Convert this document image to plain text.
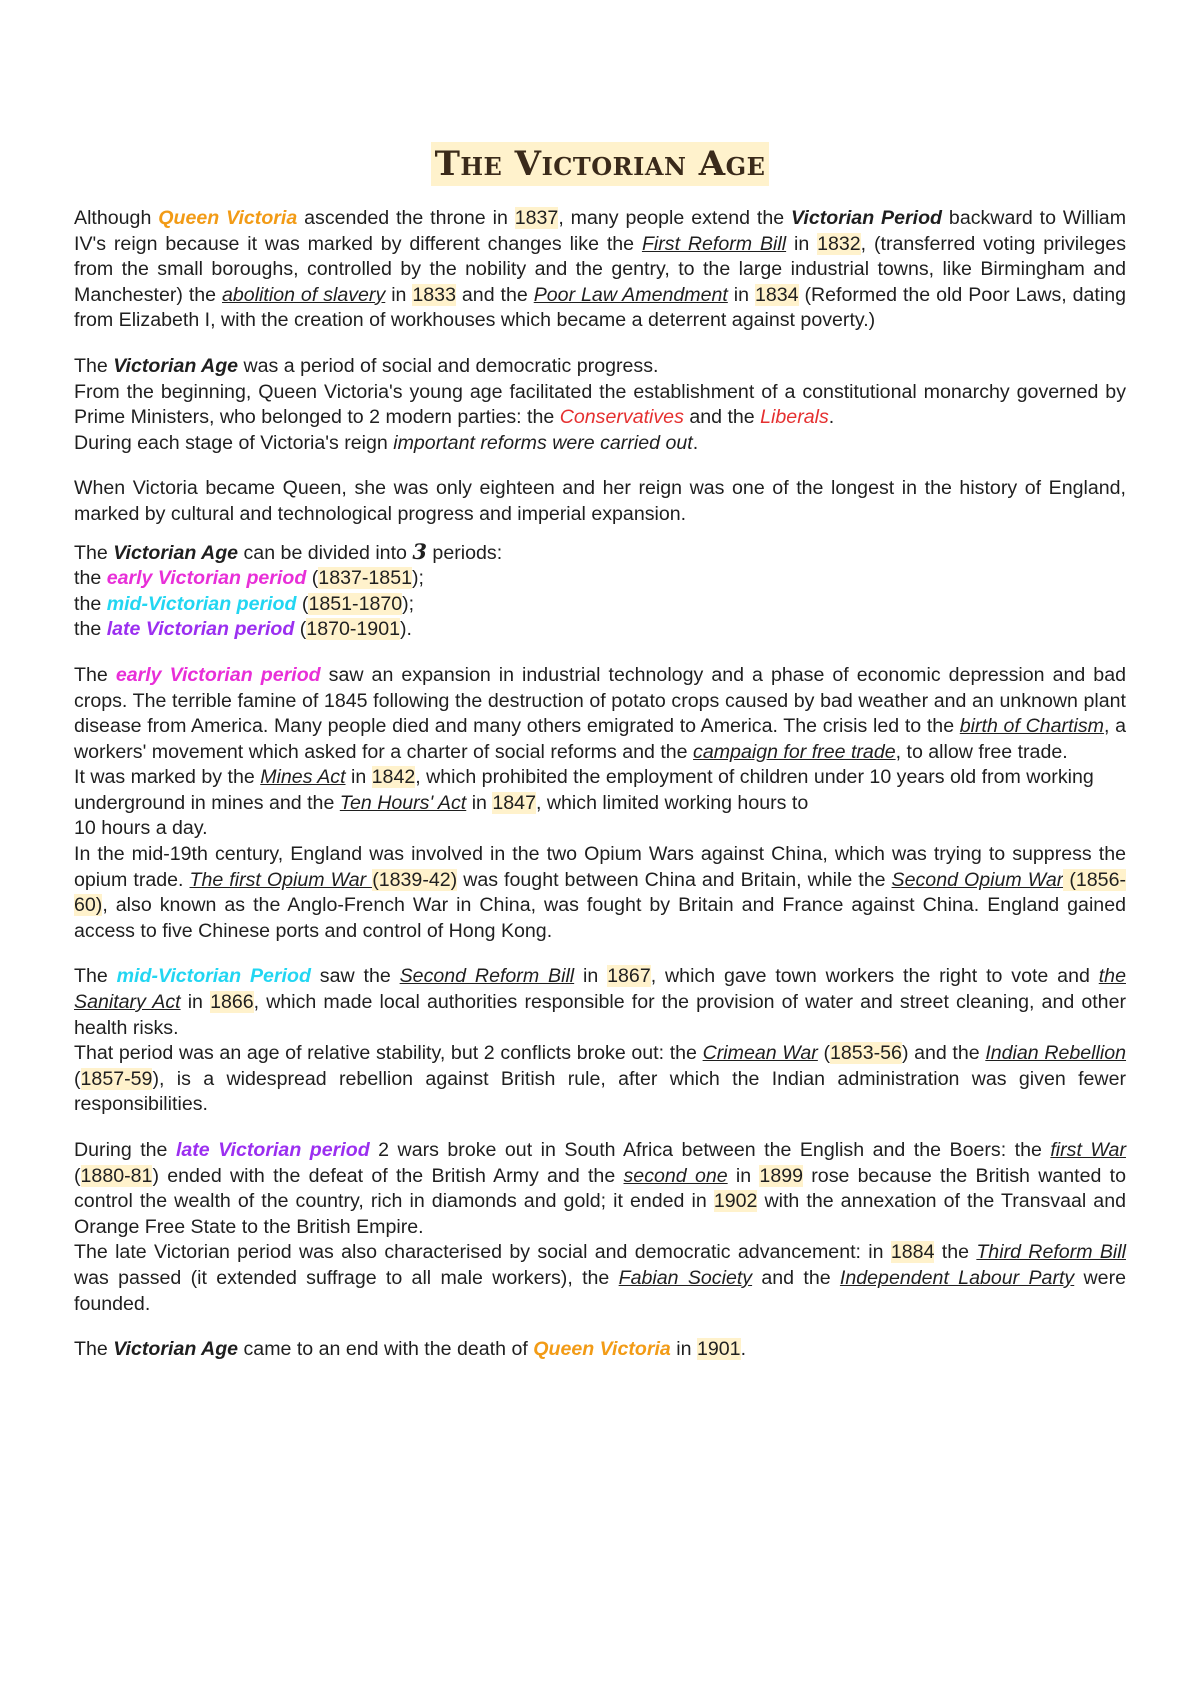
The Victorian Age

Although Queen Victoria ascended the throne in 1837, many people extend the Victorian Period backward to William IV's reign because it was marked by different changes like the First Reform Bill in 1832, (transferred voting privileges from the small boroughs, controlled by the nobility and the gentry, to the large industrial towns, like Birmingham and Manchester) the abolition of slavery in 1833 and the Poor Law Amendment in 1834 (Reformed the old Poor Laws, dating from Elizabeth I, with the creation of workhouses which became a deterrent against poverty.)

The Victorian Age was a period of social and democratic progress.

From the beginning, Queen Victoria's young age facilitated the establishment of a constitutional monarchy governed by Prime Ministers, who belonged to 2 modern parties: the Conservatives and the Liberals.

During each stage of Victoria's reign important reforms were carried out.

When Victoria became Queen, she was only eighteen and her reign was one of the longest in the history of England, marked by cultural and technological progress and imperial expansion.

The Victorian Age can be divided into 3 periods:

the early Victorian period (1837-1851);

the mid-Victorian period (1851-1870);

the late Victorian period (1870-1901).

The early Victorian period saw an expansion in industrial technology and a phase of economic depression and bad crops. The terrible famine of 1845 following the destruction of potato crops caused by bad weather and an unknown plant disease from America. Many people died and many others emigrated to America. The crisis led to the birth of Chartism, a workers' movement which asked for a charter of social reforms and the campaign for free trade, to allow free trade.

It was marked by the Mines Act in 1842, which prohibited the employment of children under 10 years old from working underground in mines and the Ten Hours' Act in 1847, which limited working hours to
10 hours a day.

In the mid-19th century, England was involved in the two Opium Wars against China, which was trying to suppress the opium trade. The first Opium War (1839-42) was fought between China and Britain, while the Second Opium War (1856-60), also known as the Anglo-French War in China, was fought by Britain and France against China. England gained access to five Chinese ports and control of Hong Kong.

The mid-Victorian Period saw the Second Reform Bill in 1867, which gave town workers the right to vote and the Sanitary Act in 1866, which made local authorities responsible for the provision of water and street cleaning, and other health risks.

That period was an age of relative stability, but 2 conflicts broke out: the Crimean War (1853-56) and the Indian Rebellion (1857-59), is a widespread rebellion against British rule, after which the Indian administration was given fewer responsibilities.

During the late Victorian period 2 wars broke out in South Africa between the English and the Boers: the first War (1880-81) ended with the defeat of the British Army and the second one in 1899 rose because the British wanted to control the wealth of the country, rich in diamonds and gold; it ended in 1902 with the annexation of the Transvaal and Orange Free State to the British Empire.

The late Victorian period was also characterised by social and democratic advancement: in 1884 the Third Reform Bill was passed (it extended suffrage to all male workers), the Fabian Society and the Independent Labour Party were founded.

The Victorian Age came to an end with the death of Queen Victoria in 1901.
